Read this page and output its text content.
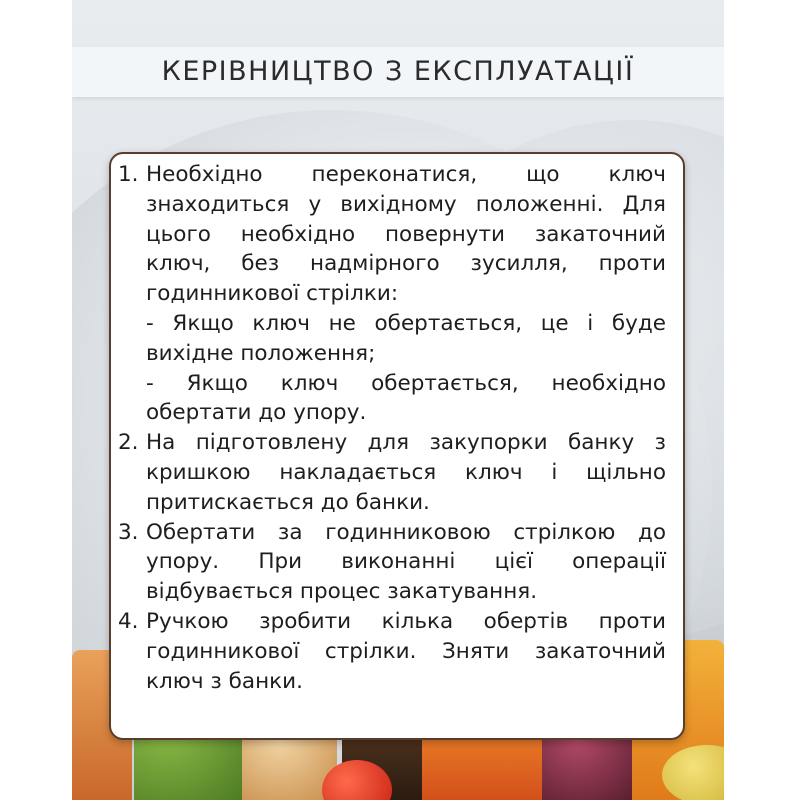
КЕРІВНИЦТВО З ЕКСПЛУАТАЦІЇ
1. Необхідно переконатися, що ключ знаходиться у вихідному положенні. Для цього необхідно повернути закаточний ключ, без надмірного зусилля, проти годинникової стрілки:
- Якщо ключ не обертається, це і буде вихідне положення;
- Якщо ключ обертається, необхідно обертати до упору.
2. На підготовлену для закупорки банку з кришкою накладається ключ і щільно притискається до банки.
3. Обертати за годинниковою стрілкою до упору. При виконанні цієї операції відбувається процес закатування.
4. Ручкою зробити кілька обертів проти годинникової стрілки. Зняти закаточний ключ з банки.
